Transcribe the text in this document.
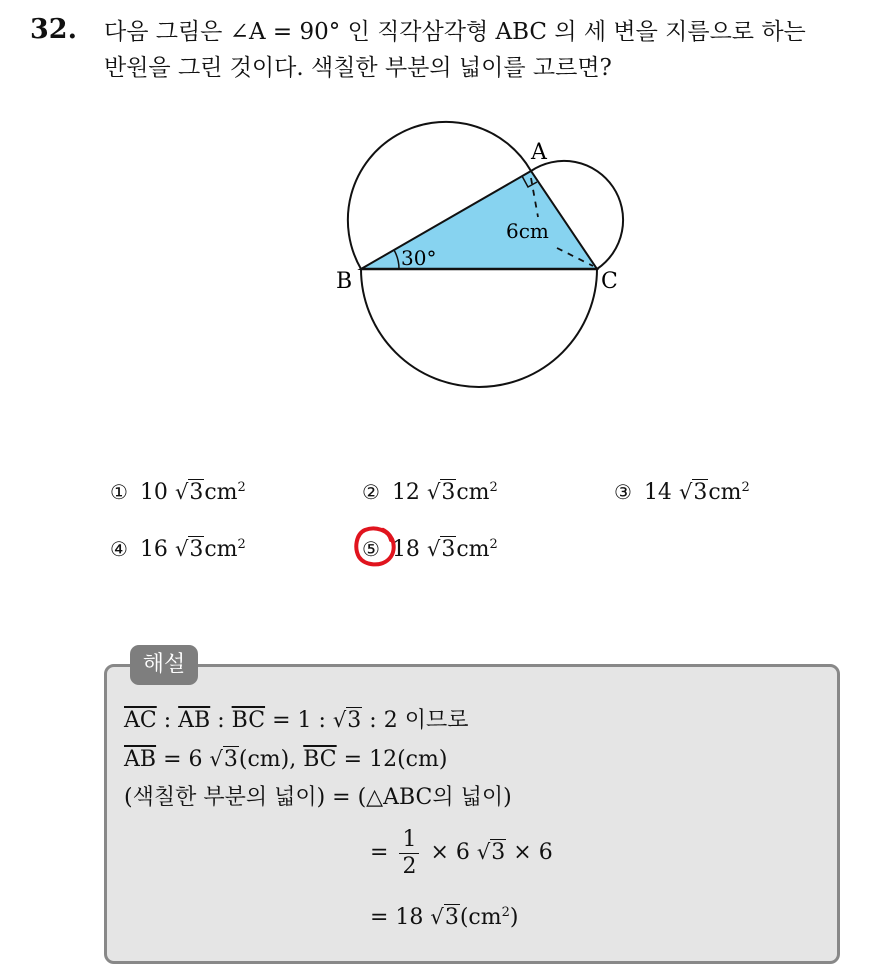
32. 다음 그림은 ∠A = 90° 인 직각삼각형 ABC 의 세 변을 지름으로 하는
반원을 그린 것이다. 색칠한 부분의 넓이를 고르면?
A
B	C
30°
6cm
① 10 $√3cm^2$	② 12 $√3cm^2$	③ 14 $√3cm^2$
④ 16 $√3cm^2$	⑤ 18 $√3cm^2$
해설
$\overline{AC}$ : $\overline{AB}$ : $\overline{BC} = 1$ : √3 : 2 이므로
$\overline{AB} = 6$ √3(cm), $\overline{BC} = 12(cm)$
(색칠한 부분의 넓이) = (△ABC의 넓이)
= $\frac{1}{2} \times 6$ √3 × 6
= 18 $√3(cm^2)$
